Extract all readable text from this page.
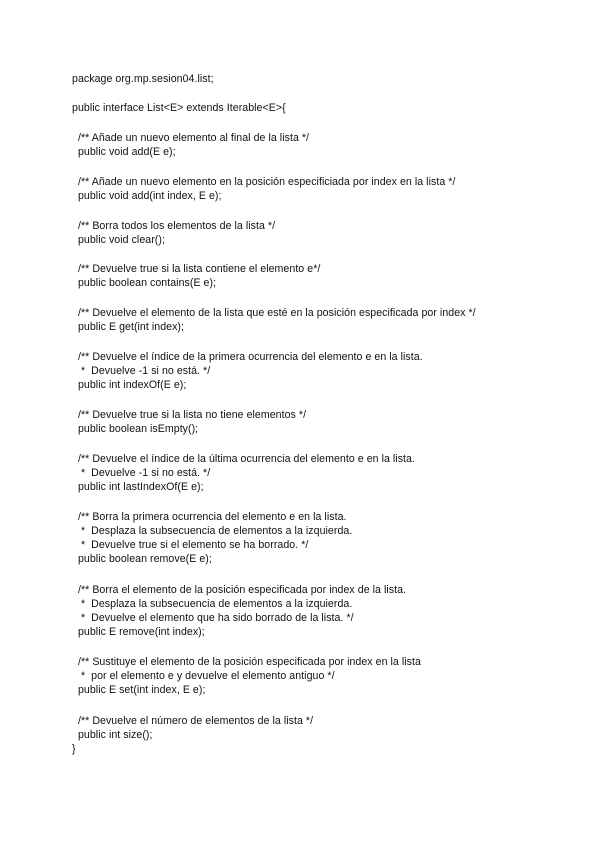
package org.mp.sesion04.list;
public interface List<E> extends Iterable<E>{
/** Añade un nuevo elemento al final de la lista */
public void add(E e);
/** Añade un nuevo elemento en la posición especificiada por index en la lista */
public void add(int index, E e);
/** Borra todos los elementos de la lista */
public void clear();
/** Devuelve true si la lista contiene el elemento e*/
public boolean contains(E e);
/** Devuelve el elemento de la lista que esté en la posición especificada por index */
public E get(int index);
/** Devuelve el índice de la primera ocurrencia del elemento e en la lista.
*  Devuelve -1 si no está. */
public int indexOf(E e);
/** Devuelve true si la lista no tiene elementos */
public boolean isEmpty();
/** Devuelve el índice de la última ocurrencia del elemento e en la lista.
*  Devuelve -1 si no está. */
public int lastIndexOf(E e);
/** Borra la primera ocurrencia del elemento e en la lista.
*  Desplaza la subsecuencia de elementos a la izquierda.
*  Devuelve true si el elemento se ha borrado. */
public boolean remove(E e);
/** Borra el elemento de la posición especificada por index de la lista.
*  Desplaza la subsecuencia de elementos a la izquierda.
*  Devuelve el elemento que ha sido borrado de la lista. */
public E remove(int index);
/** Sustituye el elemento de la posición especificada por index en la lista
*  por el elemento e y devuelve el elemento antiguo */
public E set(int index, E e);
/** Devuelve el número de elementos de la lista */
public int size();
}
